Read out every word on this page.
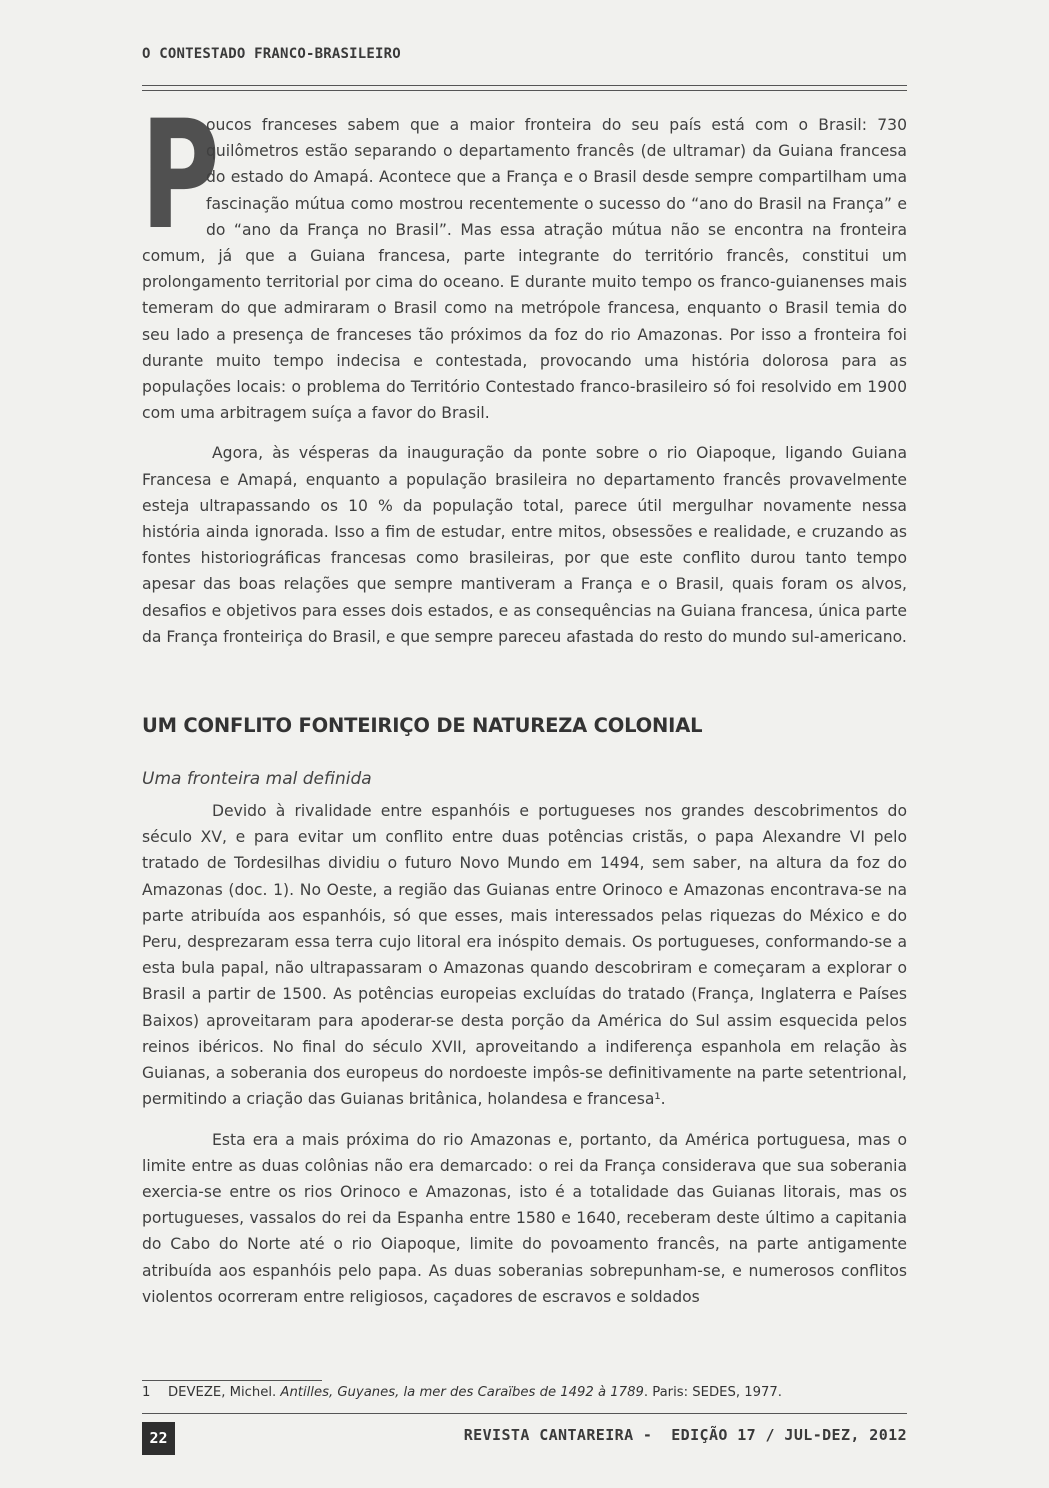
O CONTESTADO FRANCO-BRASILEIRO

P
oucos franceses sabem que a maior fronteira do seu país está com o Brasil: 730 quilômetros estão separando o departamento francês (de ultramar) da Guiana francesa do estado do Amapá. Acontece que a França e o Brasil desde sempre compartilham uma fascinação mútua como mostrou recentemente o sucesso do “ano do Brasil na França” e do “ano da França no Brasil”. Mas essa atração mútua não se encontra na fronteira comum, já que a Guiana francesa, parte integrante do território francês, constitui um prolongamento territorial por cima do oceano. E durante muito tempo os franco-guianenses mais temeram do que admiraram o Brasil como na metrópole francesa, enquanto o Brasil temia do seu lado a presença de franceses tão próximos da foz do rio Amazonas. Por isso a fronteira foi durante muito tempo indecisa e contestada, provocando uma história dolorosa para as populações locais: o problema do Território Contestado franco-brasileiro só foi resolvido em 1900 com uma arbitragem suíça a favor do Brasil.

Agora, às vésperas da inauguração da ponte sobre o rio Oiapoque, ligando Guiana Francesa e Amapá, enquanto a população brasileira no departamento francês provavelmente esteja ultrapassando os 10 % da população total, parece útil mergulhar novamente nessa história ainda ignorada. Isso a fim de estudar, entre mitos, obsessões e realidade, e cruzando as fontes historiográficas francesas como brasileiras, por que este conflito durou tanto tempo apesar das boas relações que sempre mantiveram a França e o Brasil, quais foram os alvos, desafios e objetivos para esses dois estados, e as consequências na Guiana francesa, única parte da França fronteiriça do Brasil, e que sempre pareceu afastada do resto do mundo sul-americano.

UM CONFLITO FONTEIRIÇO DE NATUREZA COLONIAL
Uma fronteira mal definida

Devido à rivalidade entre espanhóis e portugueses nos grandes descobrimentos do século XV, e para evitar um conflito entre duas potências cristãs, o papa Alexandre VI pelo tratado de Tordesilhas dividiu o futuro Novo Mundo em 1494, sem saber, na altura da foz do Amazonas (doc. 1). No Oeste, a região das Guianas entre Orinoco e Amazonas encontrava-se na parte atribuída aos espanhóis, só que esses, mais interessados pelas riquezas do México e do Peru, desprezaram essa terra cujo litoral era inóspito demais. Os portugueses, conformando-se a esta bula papal, não ultrapassaram o Amazonas quando descobriram e começaram a explorar o Brasil a partir de 1500. As potências europeias excluídas do tratado (França, Inglaterra e Países Baixos) aproveitaram para apoderar-se desta porção da América do Sul assim esquecida pelos reinos ibéricos. No final do século XVII, aproveitando a indiferença espanhola em relação às Guianas, a soberania dos europeus do nordoeste impôs-se definitivamente na parte setentrional, permitindo a criação das Guianas britânica, holandesa e francesa¹.

Esta era a mais próxima do rio Amazonas e, portanto, da América portuguesa, mas o limite entre as duas colônias não era demarcado: o rei da França considerava que sua soberania exercia-se entre os rios Orinoco e Amazonas, isto é a totalidade das Guianas litorais, mas os portugueses, vassalos do rei da Espanha entre 1580 e 1640, receberam deste último a capitania do Cabo do Norte até o rio Oiapoque, limite do povoamento francês, na parte antigamente atribuída aos espanhóis pelo papa. As duas soberanias sobrepunham-se, e numerosos conflitos violentos ocorreram entre religiosos, caçadores de escravos e soldados

1 DEVEZE, Michel. Antilles, Guyanes, la mer des Caraïbes de 1492 à 1789. Paris: SEDES, 1977.
22	REVISTA CANTAREIRA -  EDIÇÃO 17 / JUL-DEZ, 2012
